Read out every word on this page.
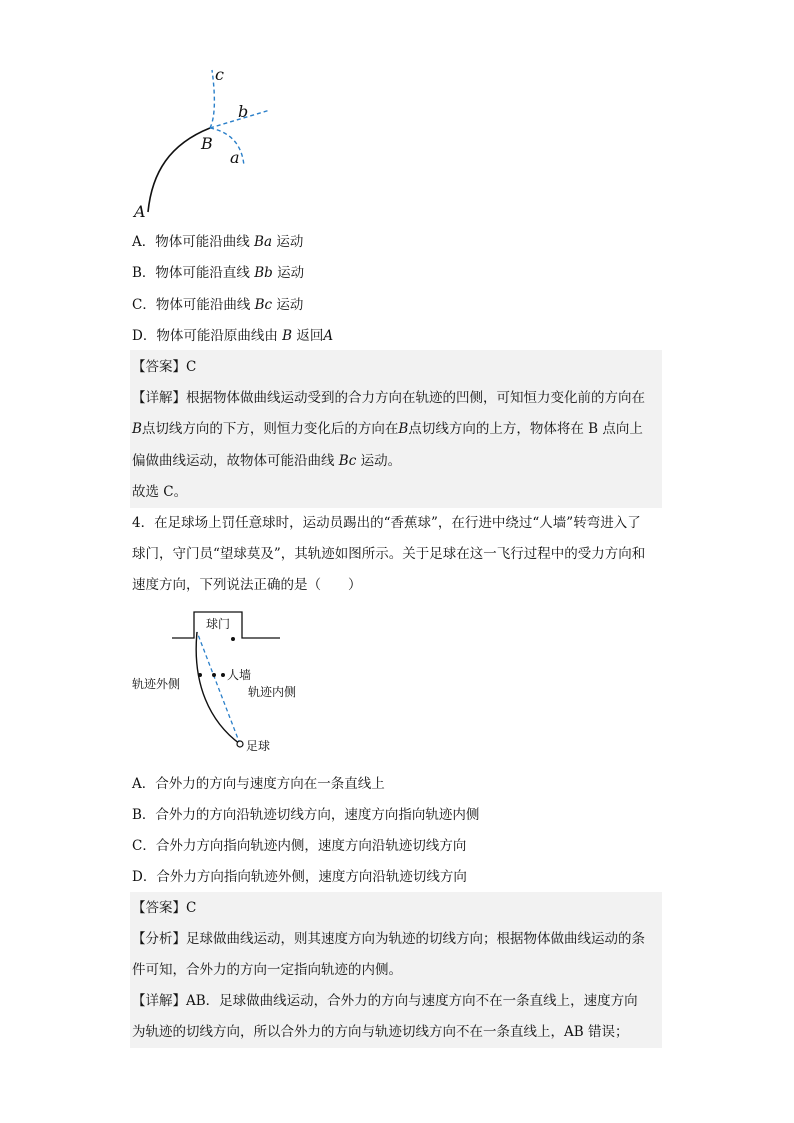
c
b
B
a
A
A．物体可能沿曲线 Ba 运动
B．物体可能沿直线 Bb 运动
C．物体可能沿曲线 Bc 运动
D．物体可能沿原曲线由 B 返回A
【答案】C
【详解】根据物体做曲线运动受到的合力方向在轨迹的凹侧，可知恒力变化前的方向在
B点切线方向的下方，则恒力变化后的方向在B点切线方向的上方，物体将在 B 点向上
偏做曲线运动，故物体可能沿曲线 Bc 运动。
故选 C。
4．在足球场上罚任意球时，运动员踢出的“香蕉球”，在行进中绕过“人墙”转弯进入了
球门，守门员“望球莫及”，其轨迹如图所示。关于足球在这一飞行过程中的受力方向和
速度方向，下列说法正确的是（　　）
球门
人墙
轨迹外侧
轨迹内侧
足球
A．合外力的方向与速度方向在一条直线上
B．合外力的方向沿轨迹切线方向，速度方向指向轨迹内侧
C．合外力方向指向轨迹内侧，速度方向沿轨迹切线方向
D．合外力方向指向轨迹外侧，速度方向沿轨迹切线方向
【答案】C
【分析】足球做曲线运动，则其速度方向为轨迹的切线方向；根据物体做曲线运动的条
件可知，合外力的方向一定指向轨迹的内侧。
【详解】AB．足球做曲线运动，合外力的方向与速度方向不在一条直线上，速度方向
为轨迹的切线方向，所以合外力的方向与轨迹切线方向不在一条直线上，AB 错误；
